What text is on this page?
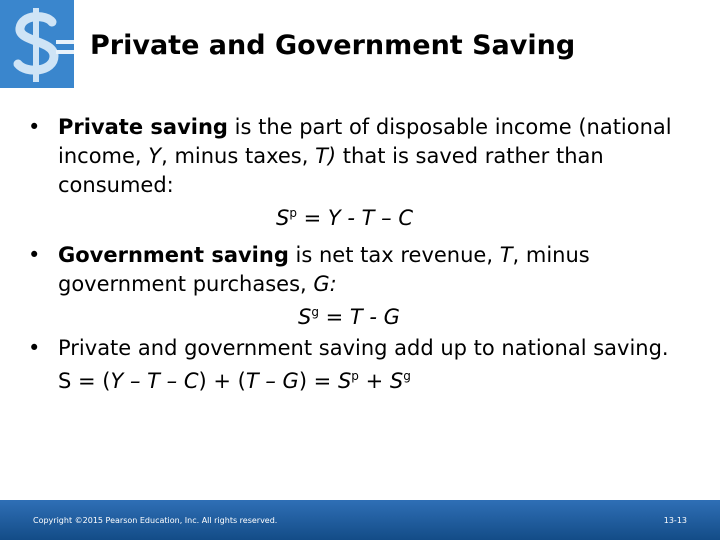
Private and Government Saving
• Private saving is the part of disposable income (national income, Y, minus taxes, T) that is saved rather than consumed:
$S^p = Y - T - C$
• Government saving is net tax revenue, T, minus government purchases, G:
$S^g = T - G$
• Private and government saving add up to national saving.
$S = (Y - T - C) + (T - G) = S^p + S^g$
Copyright ©2015 Pearson Education, Inc. All rights reserved.	13-13
